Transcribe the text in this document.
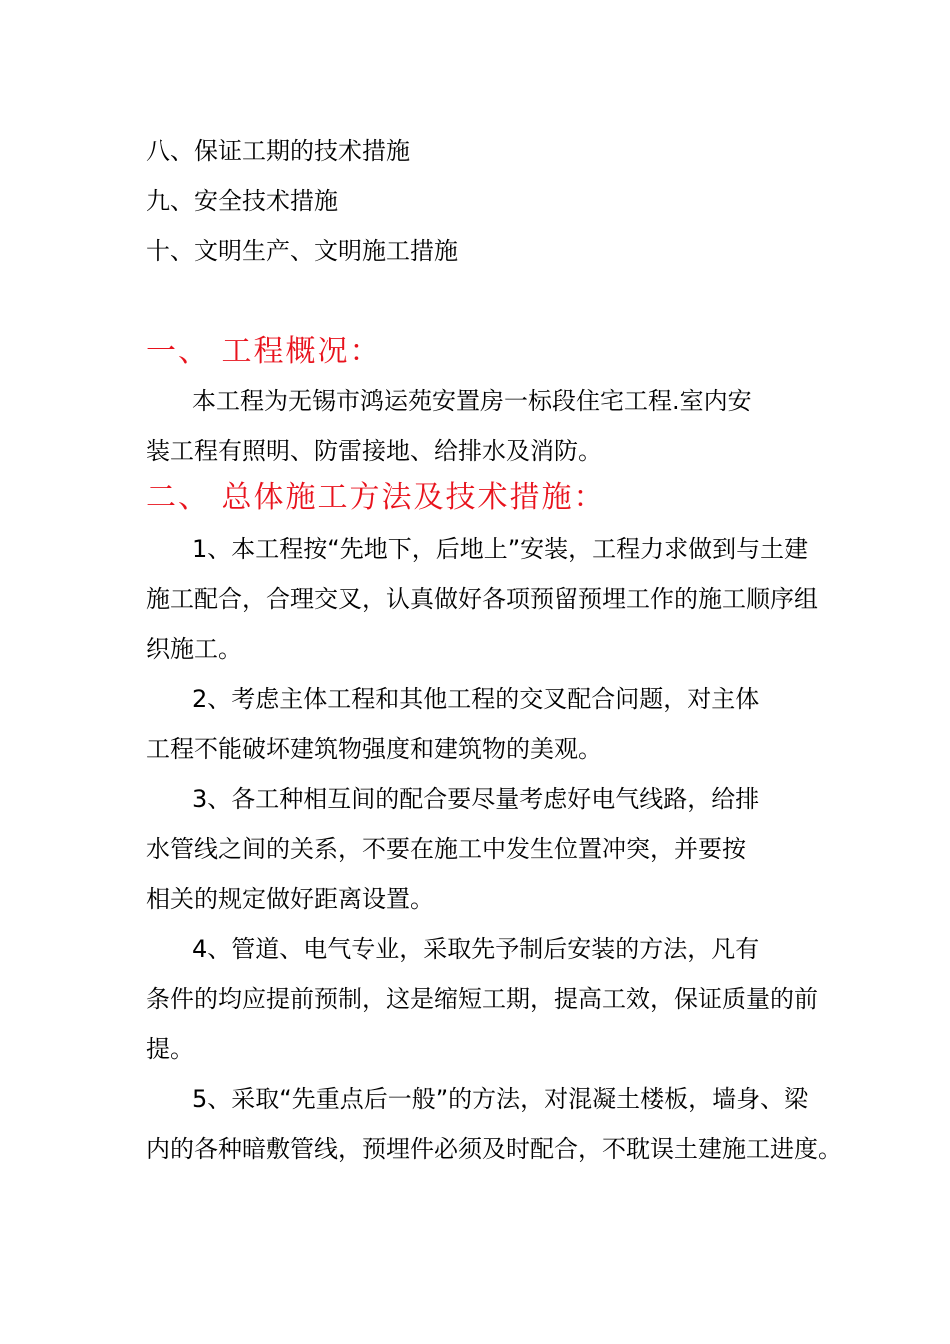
八、保证工期的技术措施
九、安全技术措施
十、文明生产、文明施工措施
一、 工程概况：
本工程为无锡市鸿运苑安置房一标段住宅工程.室内安
装工程有照明、防雷接地、给排水及消防。
二、 总体施工方法及技术措施：
1、本工程按“先地下，后地上”安装，工程力求做到与土建
施工配合，合理交叉，认真做好各项预留预埋工作的施工顺序组
织施工。
2、考虑主体工程和其他工程的交叉配合问题，对主体
工程不能破坏建筑物强度和建筑物的美观。
3、各工种相互间的配合要尽量考虑好电气线路，给排
水管线之间的关系，不要在施工中发生位置冲突，并要按
相关的规定做好距离设置。
4、管道、电气专业，采取先予制后安装的方法，凡有
条件的均应提前预制，这是缩短工期，提高工效，保证质量的前
提。
5、采取“先重点后一般”的方法，对混凝土楼板，墙身、梁
内的各种暗敷管线，预埋件必须及时配合，不耽误土建施工进度。
